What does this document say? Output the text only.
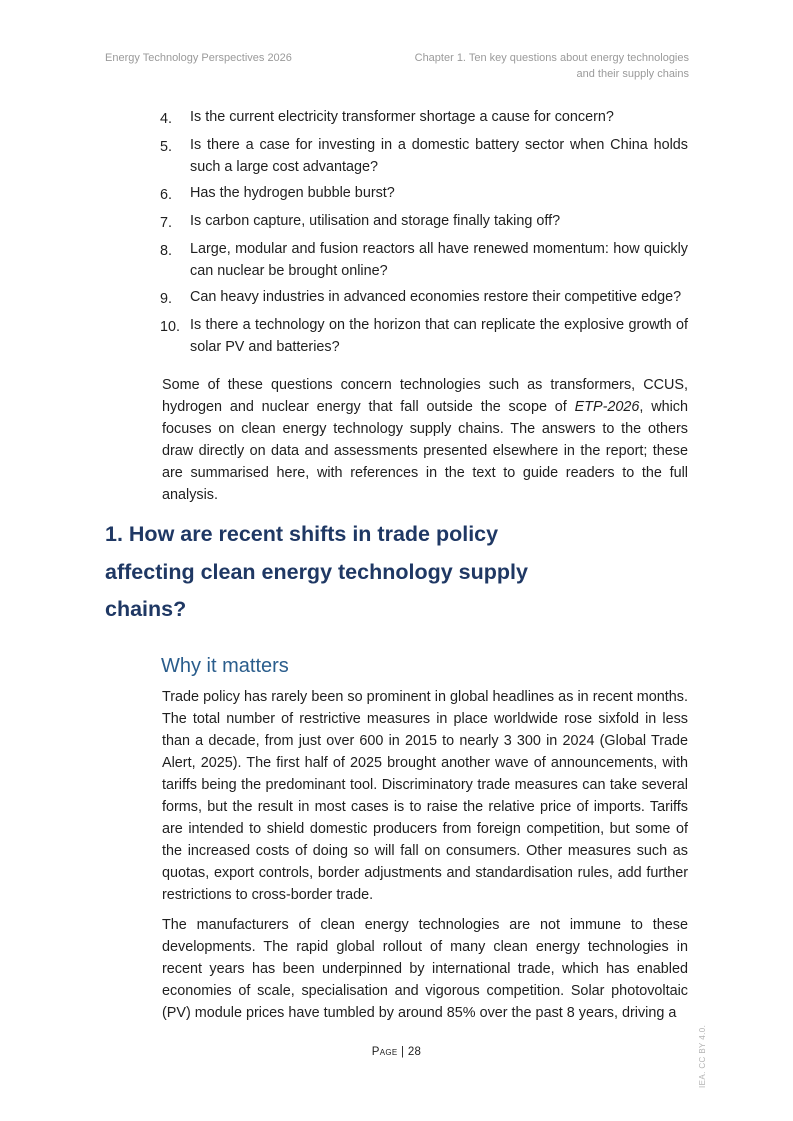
Energy Technology Perspectives 2026	Chapter 1. Ten key questions about energy technologies
and their supply chains
4.	Is the current electricity transformer shortage a cause for concern?
5.	Is there a case for investing in a domestic battery sector when China holds such a large cost advantage?
6.	Has the hydrogen bubble burst?
7.	Is carbon capture, utilisation and storage finally taking off?
8.	Large, modular and fusion reactors all have renewed momentum: how quickly can nuclear be brought online?
9.	Can heavy industries in advanced economies restore their competitive edge?
10. Is there a technology on the horizon that can replicate the explosive growth of solar PV and batteries?

Some of these questions concern technologies such as transformers, CCUS, hydrogen and nuclear energy that fall outside the scope of ETP-2026, which focuses on clean energy technology supply chains. The answers to the others draw directly on data and assessments presented elsewhere in the report; these are summarised here, with references in the text to guide readers to the full analysis.

1. How are recent shifts in trade policy affecting clean energy technology supply chains?
Why it matters

Trade policy has rarely been so prominent in global headlines as in recent months. The total number of restrictive measures in place worldwide rose sixfold in less than a decade, from just over 600 in 2015 to nearly 3 300 in 2024 (Global Trade Alert, 2025). The first half of 2025 brought another wave of announcements, with tariffs being the predominant tool. Discriminatory trade measures can take several forms, but the result in most cases is to raise the relative price of imports. Tariffs are intended to shield domestic producers from foreign competition, but some of the increased costs of doing so will fall on consumers. Other measures such as quotas, export controls, border adjustments and standardisation rules, add further restrictions to cross-border trade.

The manufacturers of clean energy technologies are not immune to these developments. The rapid global rollout of many clean energy technologies in recent years has been underpinned by international trade, which has enabled economies of scale, specialisation and vigorous competition. Solar photovoltaic (PV) module prices have tumbled by around 85% over the past 8 years, driving a

Page | 28	IEA. CC BY 4.0.
